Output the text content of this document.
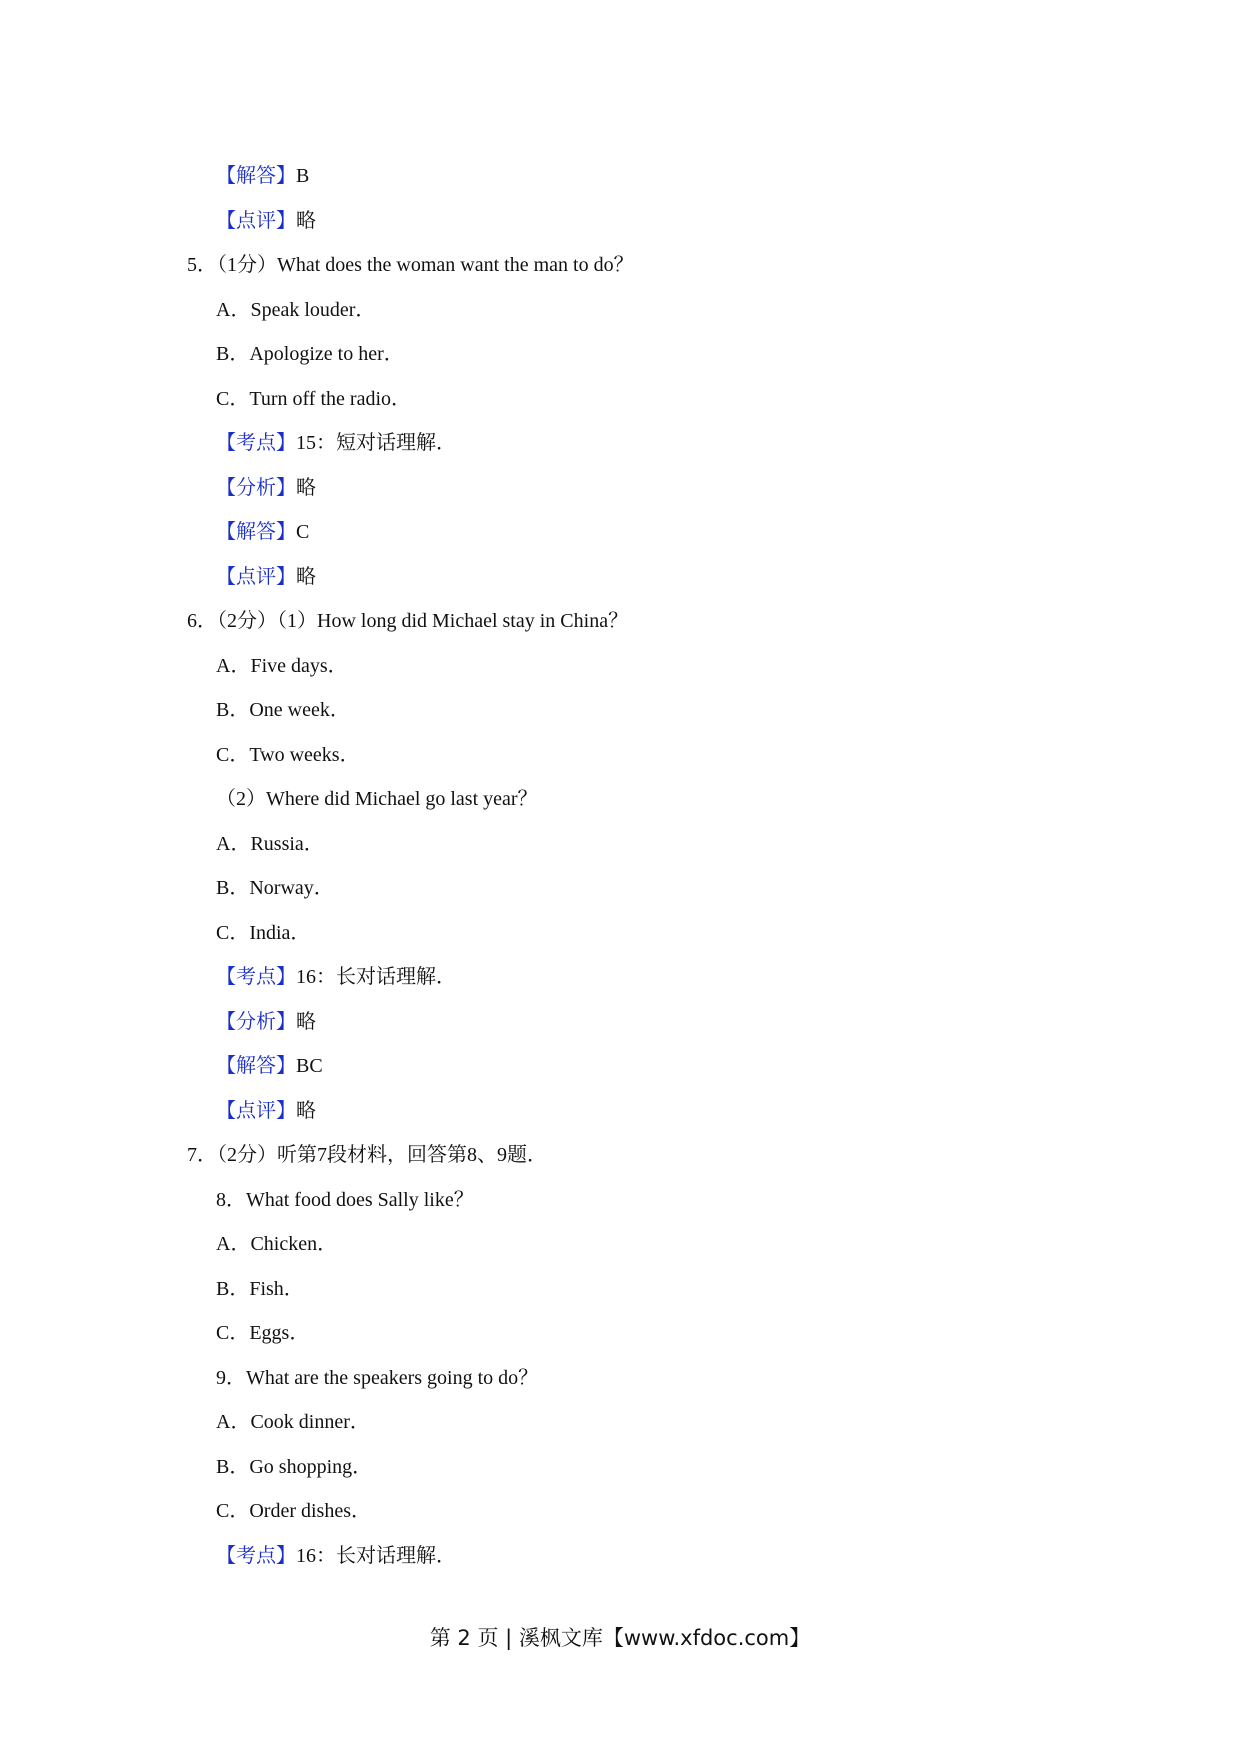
【解答】B
【点评】略
5．（1分）What does the woman want the man to do？
A．Speak louder．
B．Apologize to her．
C．Turn off the radio．
【考点】15：短对话理解．
【分析】略
【解答】C
【点评】略
6．（2分）（1）How long did Michael stay in China？
A．Five days．
B．One week．
C．Two weeks．
（2）Where did Michael go last year？
A．Russia．
B．Norway．
C．India．
【考点】16：长对话理解．
【分析】略
【解答】BC
【点评】略
7．（2分）听第7段材料，回答第8、9题．
8．What food does Sally like？
A．Chicken．
B．Fish．
C．Eggs．
9．What are the speakers going to do？
A．Cook dinner．
B．Go shopping．
C．Order dishes．
【考点】16：长对话理解．
第 2 页 | 溪枫文库【www.xfdoc.com】
